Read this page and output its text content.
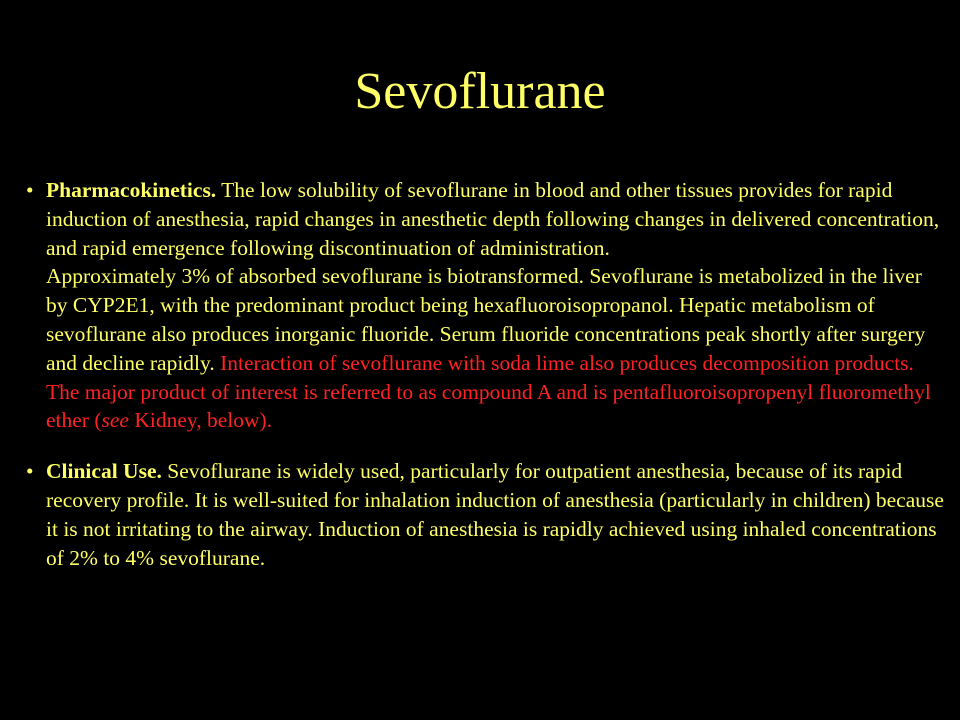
Sevoflurane
• Pharmacokinetics. The low solubility of sevoflurane in blood and other tissues provides for rapid induction of anesthesia, rapid changes in anesthetic depth following changes in delivered concentration, and rapid emergence following discontinuation of administration.
Approximately 3% of absorbed sevoflurane is biotransformed. Sevoflurane is metabolized in the liver by CYP2E1, with the predominant product being hexafluoroisopropanol. Hepatic metabolism of sevoflurane also produces inorganic fluoride. Serum fluoride concentrations peak shortly after surgery and decline rapidly. Interaction of sevoflurane with soda lime also produces decomposition products. The major product of interest is referred to as compound A and is pentafluoroisopropenyl fluoromethyl ether (see Kidney, below).
• Clinical Use. Sevoflurane is widely used, particularly for outpatient anesthesia, because of its rapid recovery profile. It is well-suited for inhalation induction of anesthesia (particularly in children) because it is not irritating to the airway. Induction of anesthesia is rapidly achieved using inhaled concentrations of 2% to 4% sevoflurane.
